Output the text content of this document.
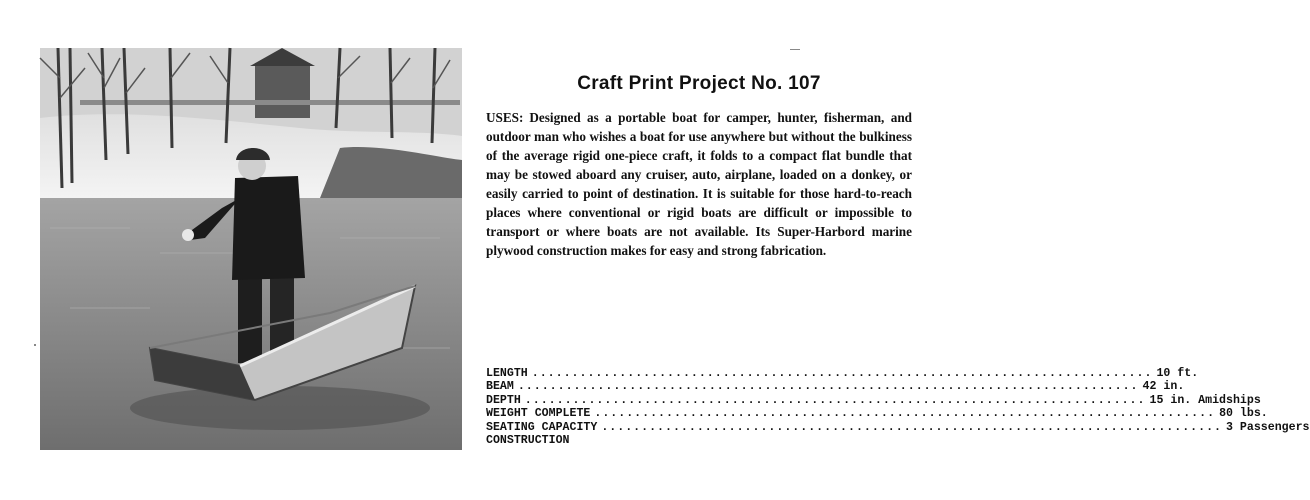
Craft Print Project No. 107

USES: Designed as a portable boat for camper, hunter, fisherman, and outdoor man who wishes a boat for use anywhere but without the bulkiness of the average rigid one-piece craft, it folds to a compact flat bundle that may be stowed aboard any cruiser, auto, airplane, loaded on a donkey, or easily carried to point of destination. It is suitable for those hard-to-reach places where conventional or rigid boats are difficult or impossible to transport or where boats are not available. Its Super-Harbord marine plywood construction makes for easy and strong fabrication.

LENGTH .............................................................................. 10 ft.
BEAM .............................................................................. 42 in.
DEPTH .............................................................................. 15 in. Amidships
WEIGHT COMPLETE .............................................................................. 80 lbs.
SEATING CAPACITY .............................................................................. 3 Passengers
CONSTRUCTION
